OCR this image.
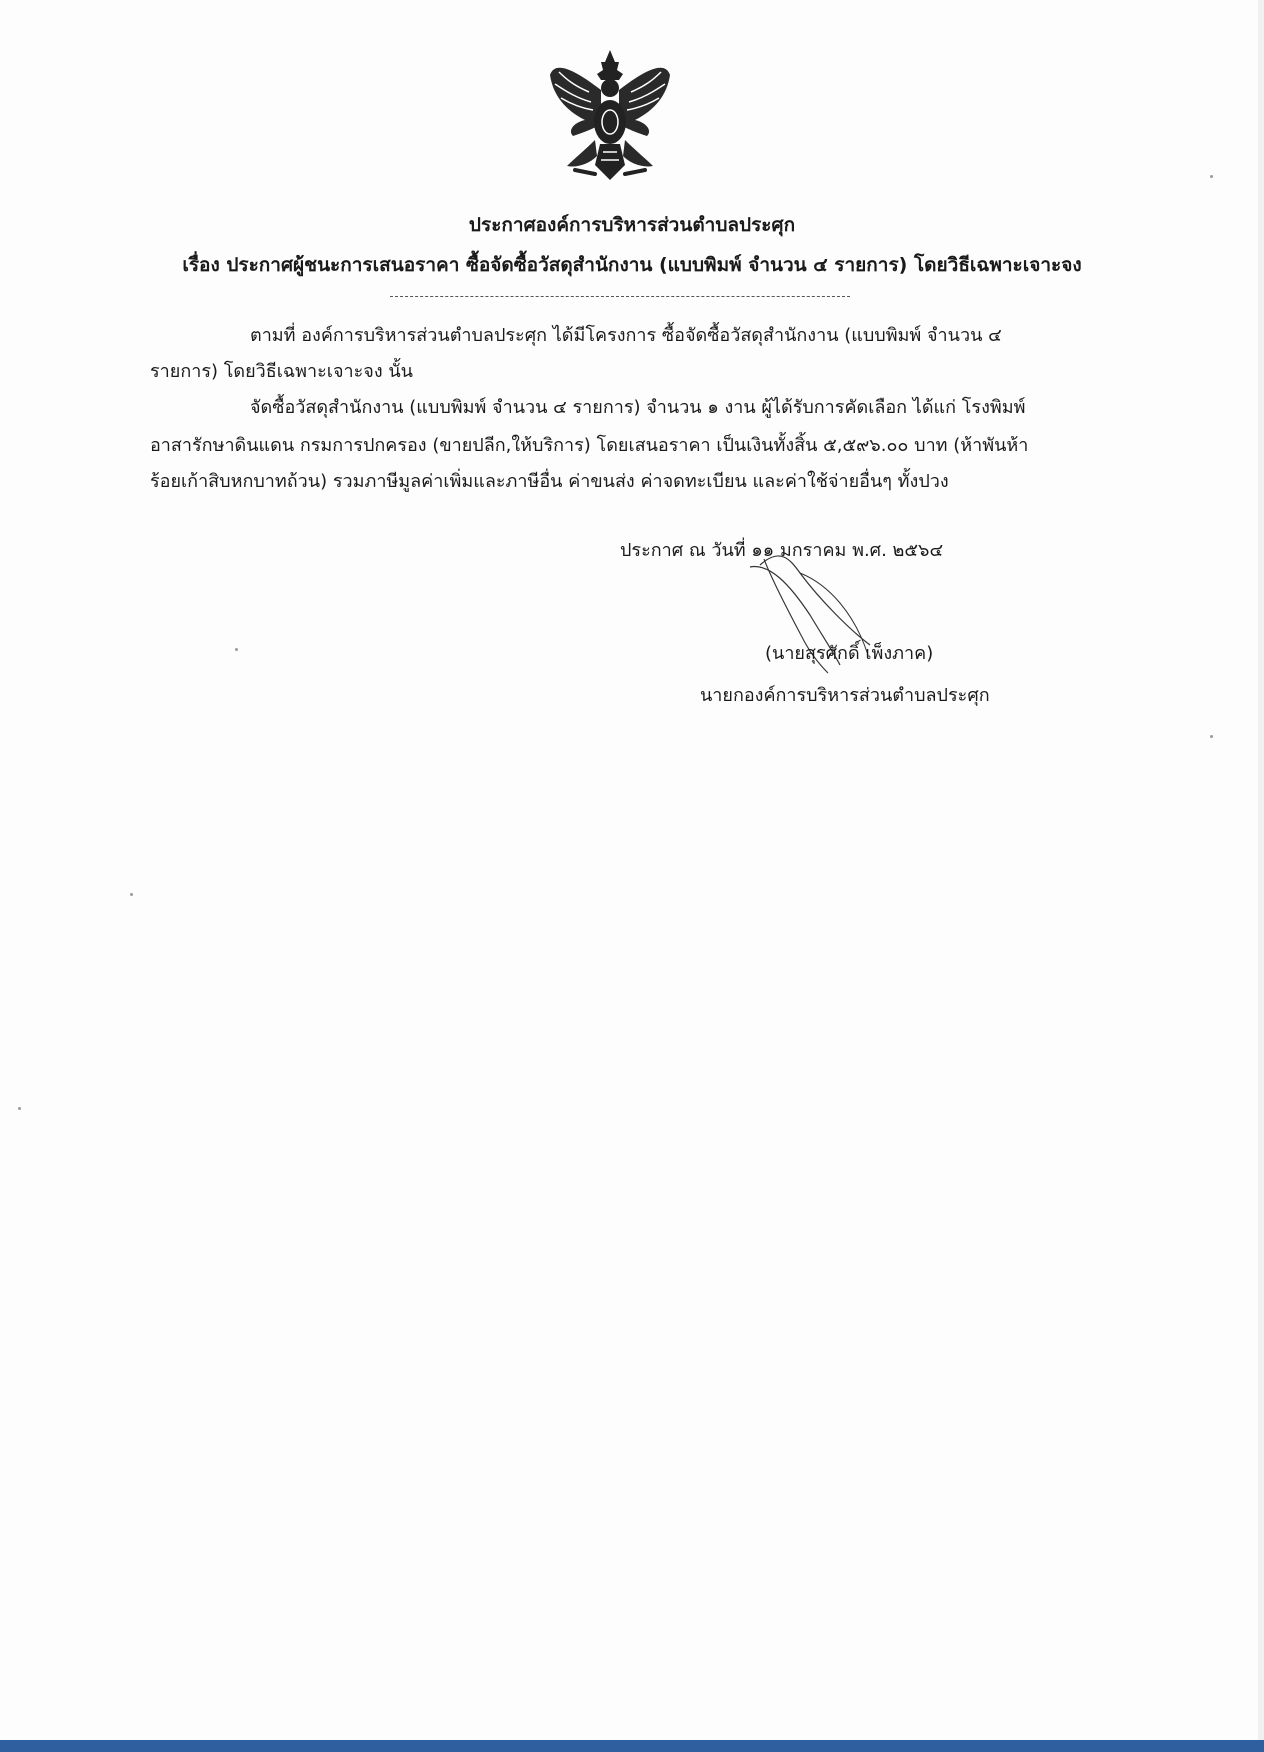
ประกาศองค์การบริหารส่วนตำบลประศุก
เรื่อง ประกาศผู้ชนะการเสนอราคา ซื้อจัดซื้อวัสดุสำนักงาน (แบบพิมพ์ จำนวน ๔ รายการ) โดยวิธีเฉพาะเจาะจง
ตามที่ องค์การบริหารส่วนตำบลประศุก ได้มีโครงการ ซื้อจัดซื้อวัสดุสำนักงาน (แบบพิมพ์ จำนวน ๔
รายการ) โดยวิธีเฉพาะเจาะจง นั้น
จัดซื้อวัสดุสำนักงาน (แบบพิมพ์ จำนวน ๔ รายการ) จำนวน ๑ งาน ผู้ได้รับการคัดเลือก ได้แก่ โรงพิมพ์
อาสารักษาดินแดน กรมการปกครอง (ขายปลีก,ให้บริการ) โดยเสนอราคา เป็นเงินทั้งสิ้น ๕,๕๙๖.๐๐ บาท (ห้าพันห้า
ร้อยเก้าสิบหกบาทถ้วน) รวมภาษีมูลค่าเพิ่มและภาษีอื่น ค่าขนส่ง ค่าจดทะเบียน และค่าใช้จ่ายอื่นๆ ทั้งปวง
ประกาศ ณ วันที่ ๑๑ มกราคม พ.ศ. ๒๕๖๔
(นายสุรศักดิ์ เพ็งภาค)
นายกองค์การบริหารส่วนตำบลประศุก
